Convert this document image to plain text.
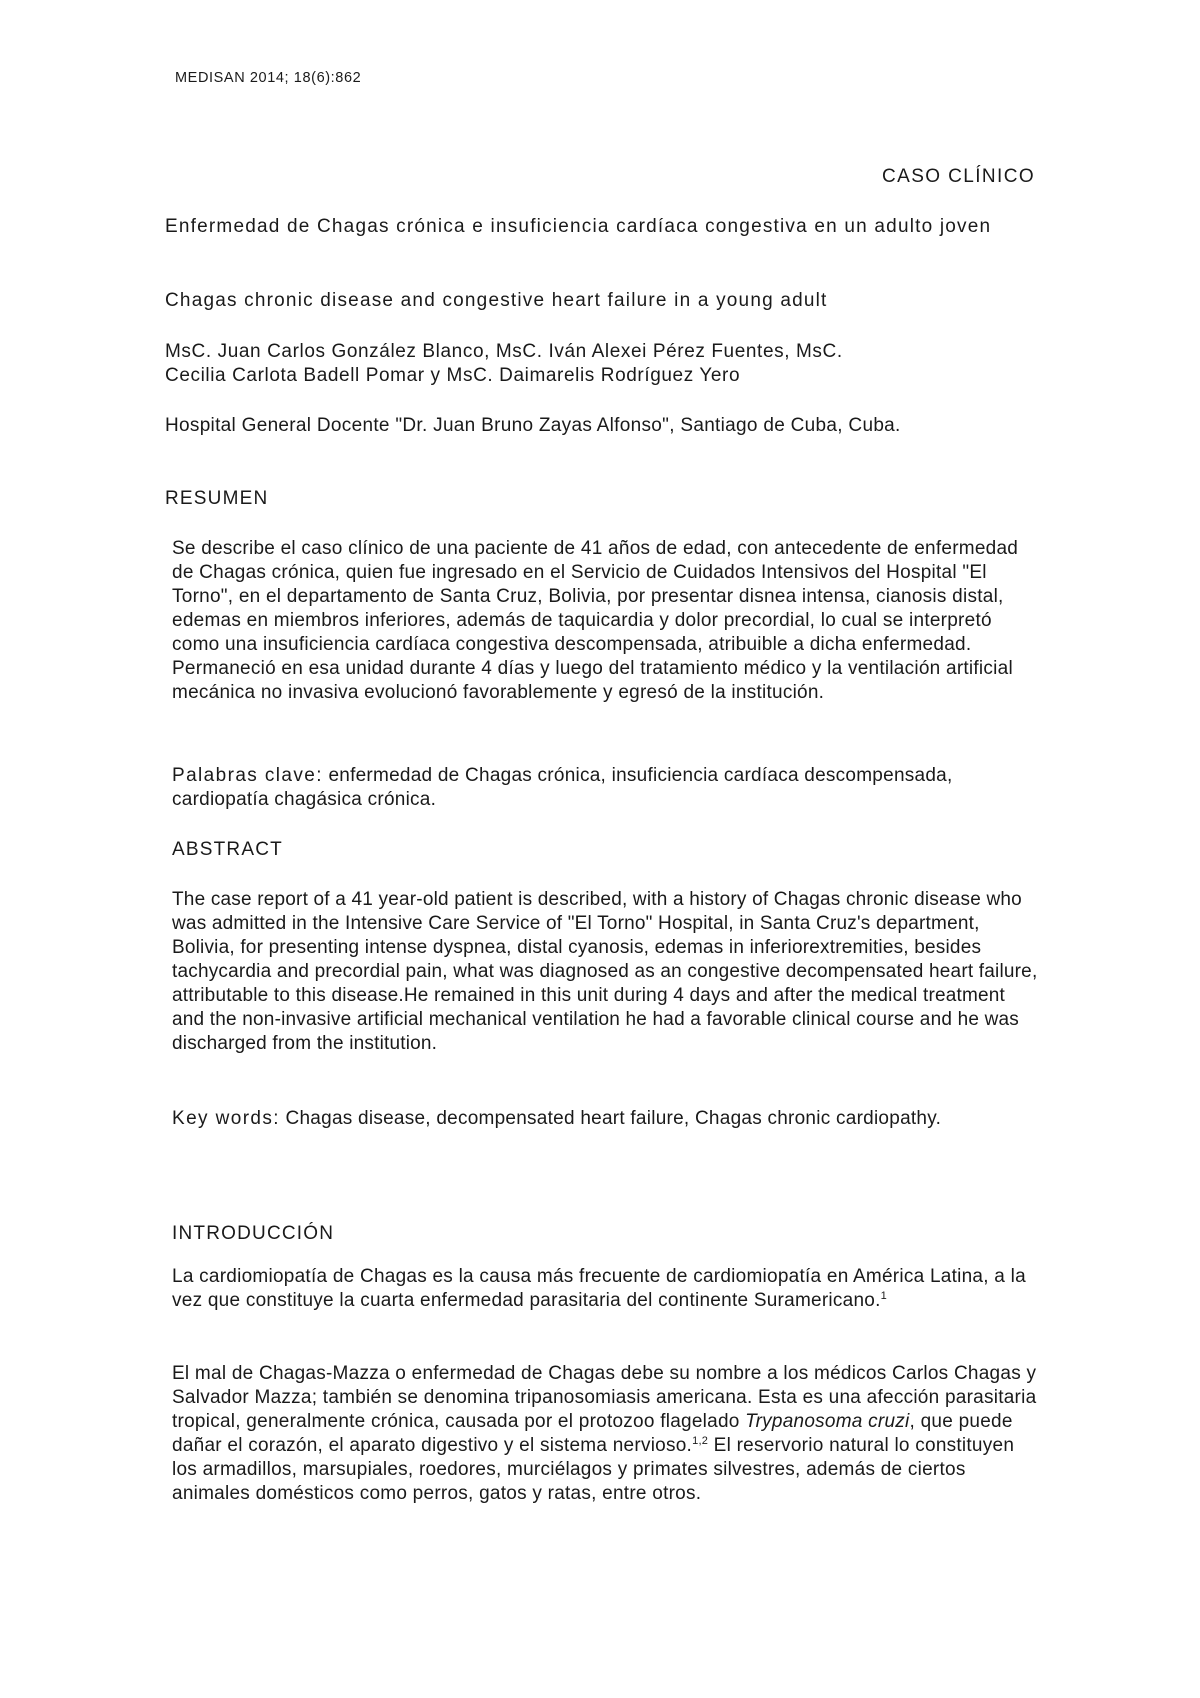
MEDISAN 2014; 18(6):862

CASO CLÍNICO

Enfermedad de Chagas crónica e insuficiencia cardíaca congestiva en un adulto joven

Chagas chronic disease and congestive heart failure in a young adult

MsC. Juan Carlos González Blanco, MsC. Iván Alexei Pérez Fuentes, MsC.
Cecilia Carlota Badell Pomar y MsC. Daimarelis Rodríguez Yero

Hospital General Docente "Dr. Juan Bruno Zayas Alfonso", Santiago de Cuba, Cuba.

RESUMEN

Se describe el caso clínico de una paciente de 41 años de edad, con antecedente de enfermedad de Chagas crónica, quien fue ingresado en el Servicio de Cuidados Intensivos del Hospital "El Torno", en el departamento de Santa Cruz, Bolivia, por presentar disnea intensa, cianosis distal, edemas en miembros inferiores, además de taquicardia y dolor precordial, lo cual se interpretó como una insuficiencia cardíaca congestiva descompensada, atribuible a dicha enfermedad. Permaneció en esa unidad durante 4 días y luego del tratamiento médico y la ventilación artificial mecánica no invasiva evolucionó favorablemente y egresó de la institución.

Palabras clave: enfermedad de Chagas crónica, insuficiencia cardíaca descompensada, cardiopatía chagásica crónica.

ABSTRACT

The case report of a 41 year-old patient is described, with a history of Chagas chronic disease who was admitted in the Intensive Care Service of "El Torno" Hospital, in Santa Cruz's department, Bolivia, for presenting intense dyspnea, distal cyanosis, edemas in inferiorextremities, besides tachycardia and precordial pain, what was diagnosed as an congestive decompensated heart failure, attributable to this disease.He remained in this unit during 4 days and after the medical treatment and the non-invasive artificial mechanical ventilation he had a favorable clinical course and he was discharged from the institution.

Key words: Chagas disease, decompensated heart failure, Chagas chronic cardiopathy.

INTRODUCCIÓN

La cardiomiopatía de Chagas es la causa más frecuente de cardiomiopatía en América Latina, a la vez que constituye la cuarta enfermedad parasitaria del continente Suramericano.$^1$

El mal de Chagas-Mazza o enfermedad de Chagas debe su nombre a los médicos Carlos Chagas y Salvador Mazza; también se denomina tripanosomiasis americana. Esta es una afección parasitaria tropical, generalmente crónica, causada por el protozoo flagelado Trypanosoma cruzi, que puede dañar el corazón, el aparato digestivo y el sistema nervioso.$^{1,2}$ El reservorio natural lo constituyen los armadillos, marsupiales, roedores, murciélagos y primates silvestres, además de ciertos animales domésticos como perros, gatos y ratas, entre otros.
